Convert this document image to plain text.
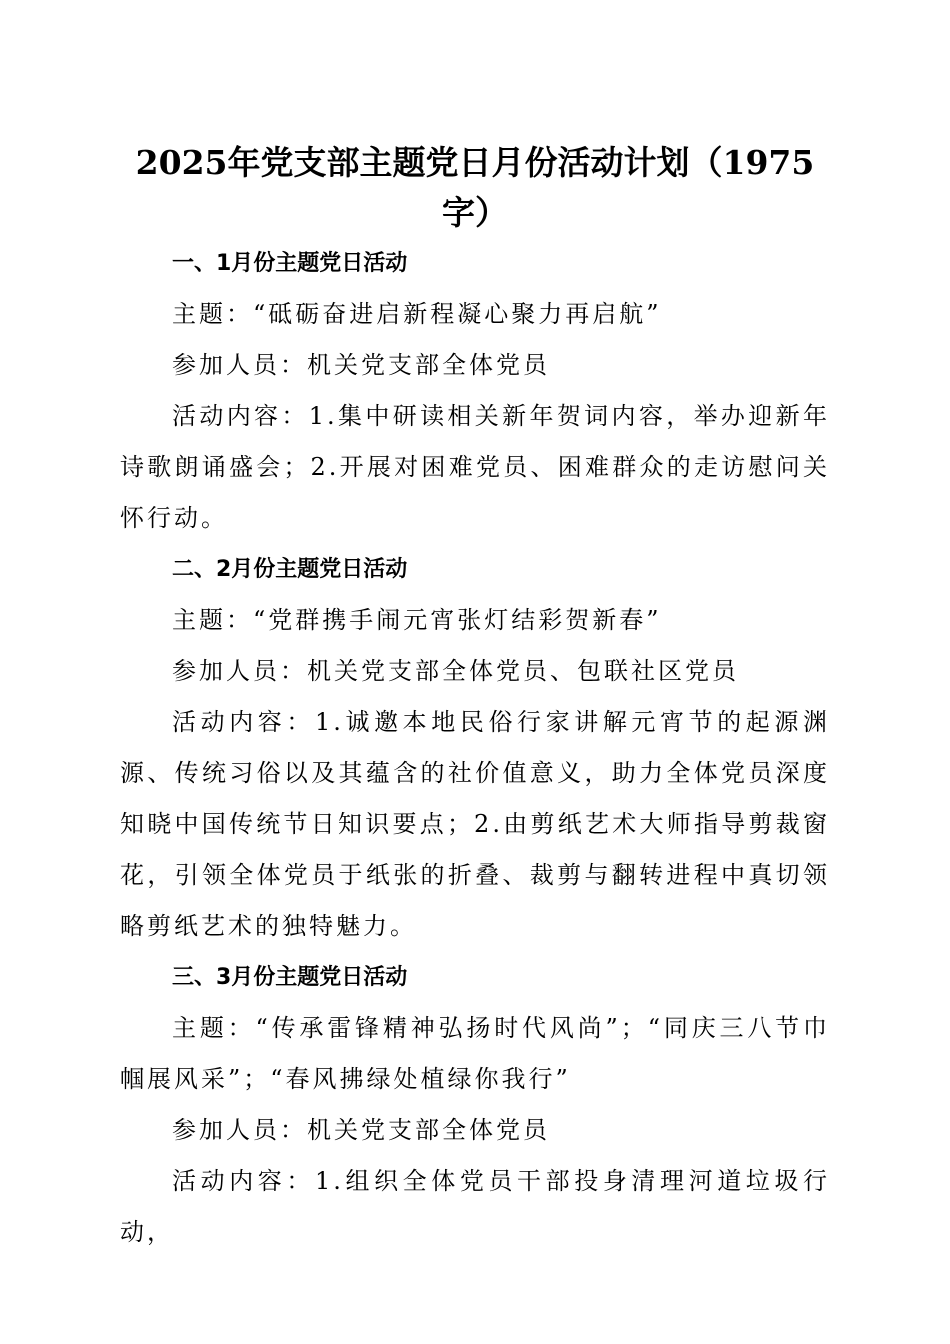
2025年党支部主题党日月份活动计划（1975字）

一、1月份主题党日活动

主题：“砥砺奋进启新程凝心聚力再启航”

参加人员：机关党支部全体党员

活动内容：1.集中研读相关新年贺词内容，举办迎新年诗歌朗诵盛会；2.开展对困难党员、困难群众的走访慰问关怀行动。

二、2月份主题党日活动

主题：“党群携手闹元宵张灯结彩贺新春”

参加人员：机关党支部全体党员、包联社区党员

活动内容：1.诚邀本地民俗行家讲解元宵节的起源渊源、传统习俗以及其蕴含的社价值意义，助力全体党员深度知晓中国传统节日知识要点；2.由剪纸艺术大师指导剪裁窗花，引领全体党员于纸张的折叠、裁剪与翻转进程中真切领略剪纸艺术的独特魅力。

三、3月份主题党日活动

主题：“传承雷锋精神弘扬时代风尚”；“同庆三八节巾帼展风采”；“春风拂绿处植绿你我行”

参加人员：机关党支部全体党员

活动内容：1.组织全体党员干部投身清理河道垃圾行动，
